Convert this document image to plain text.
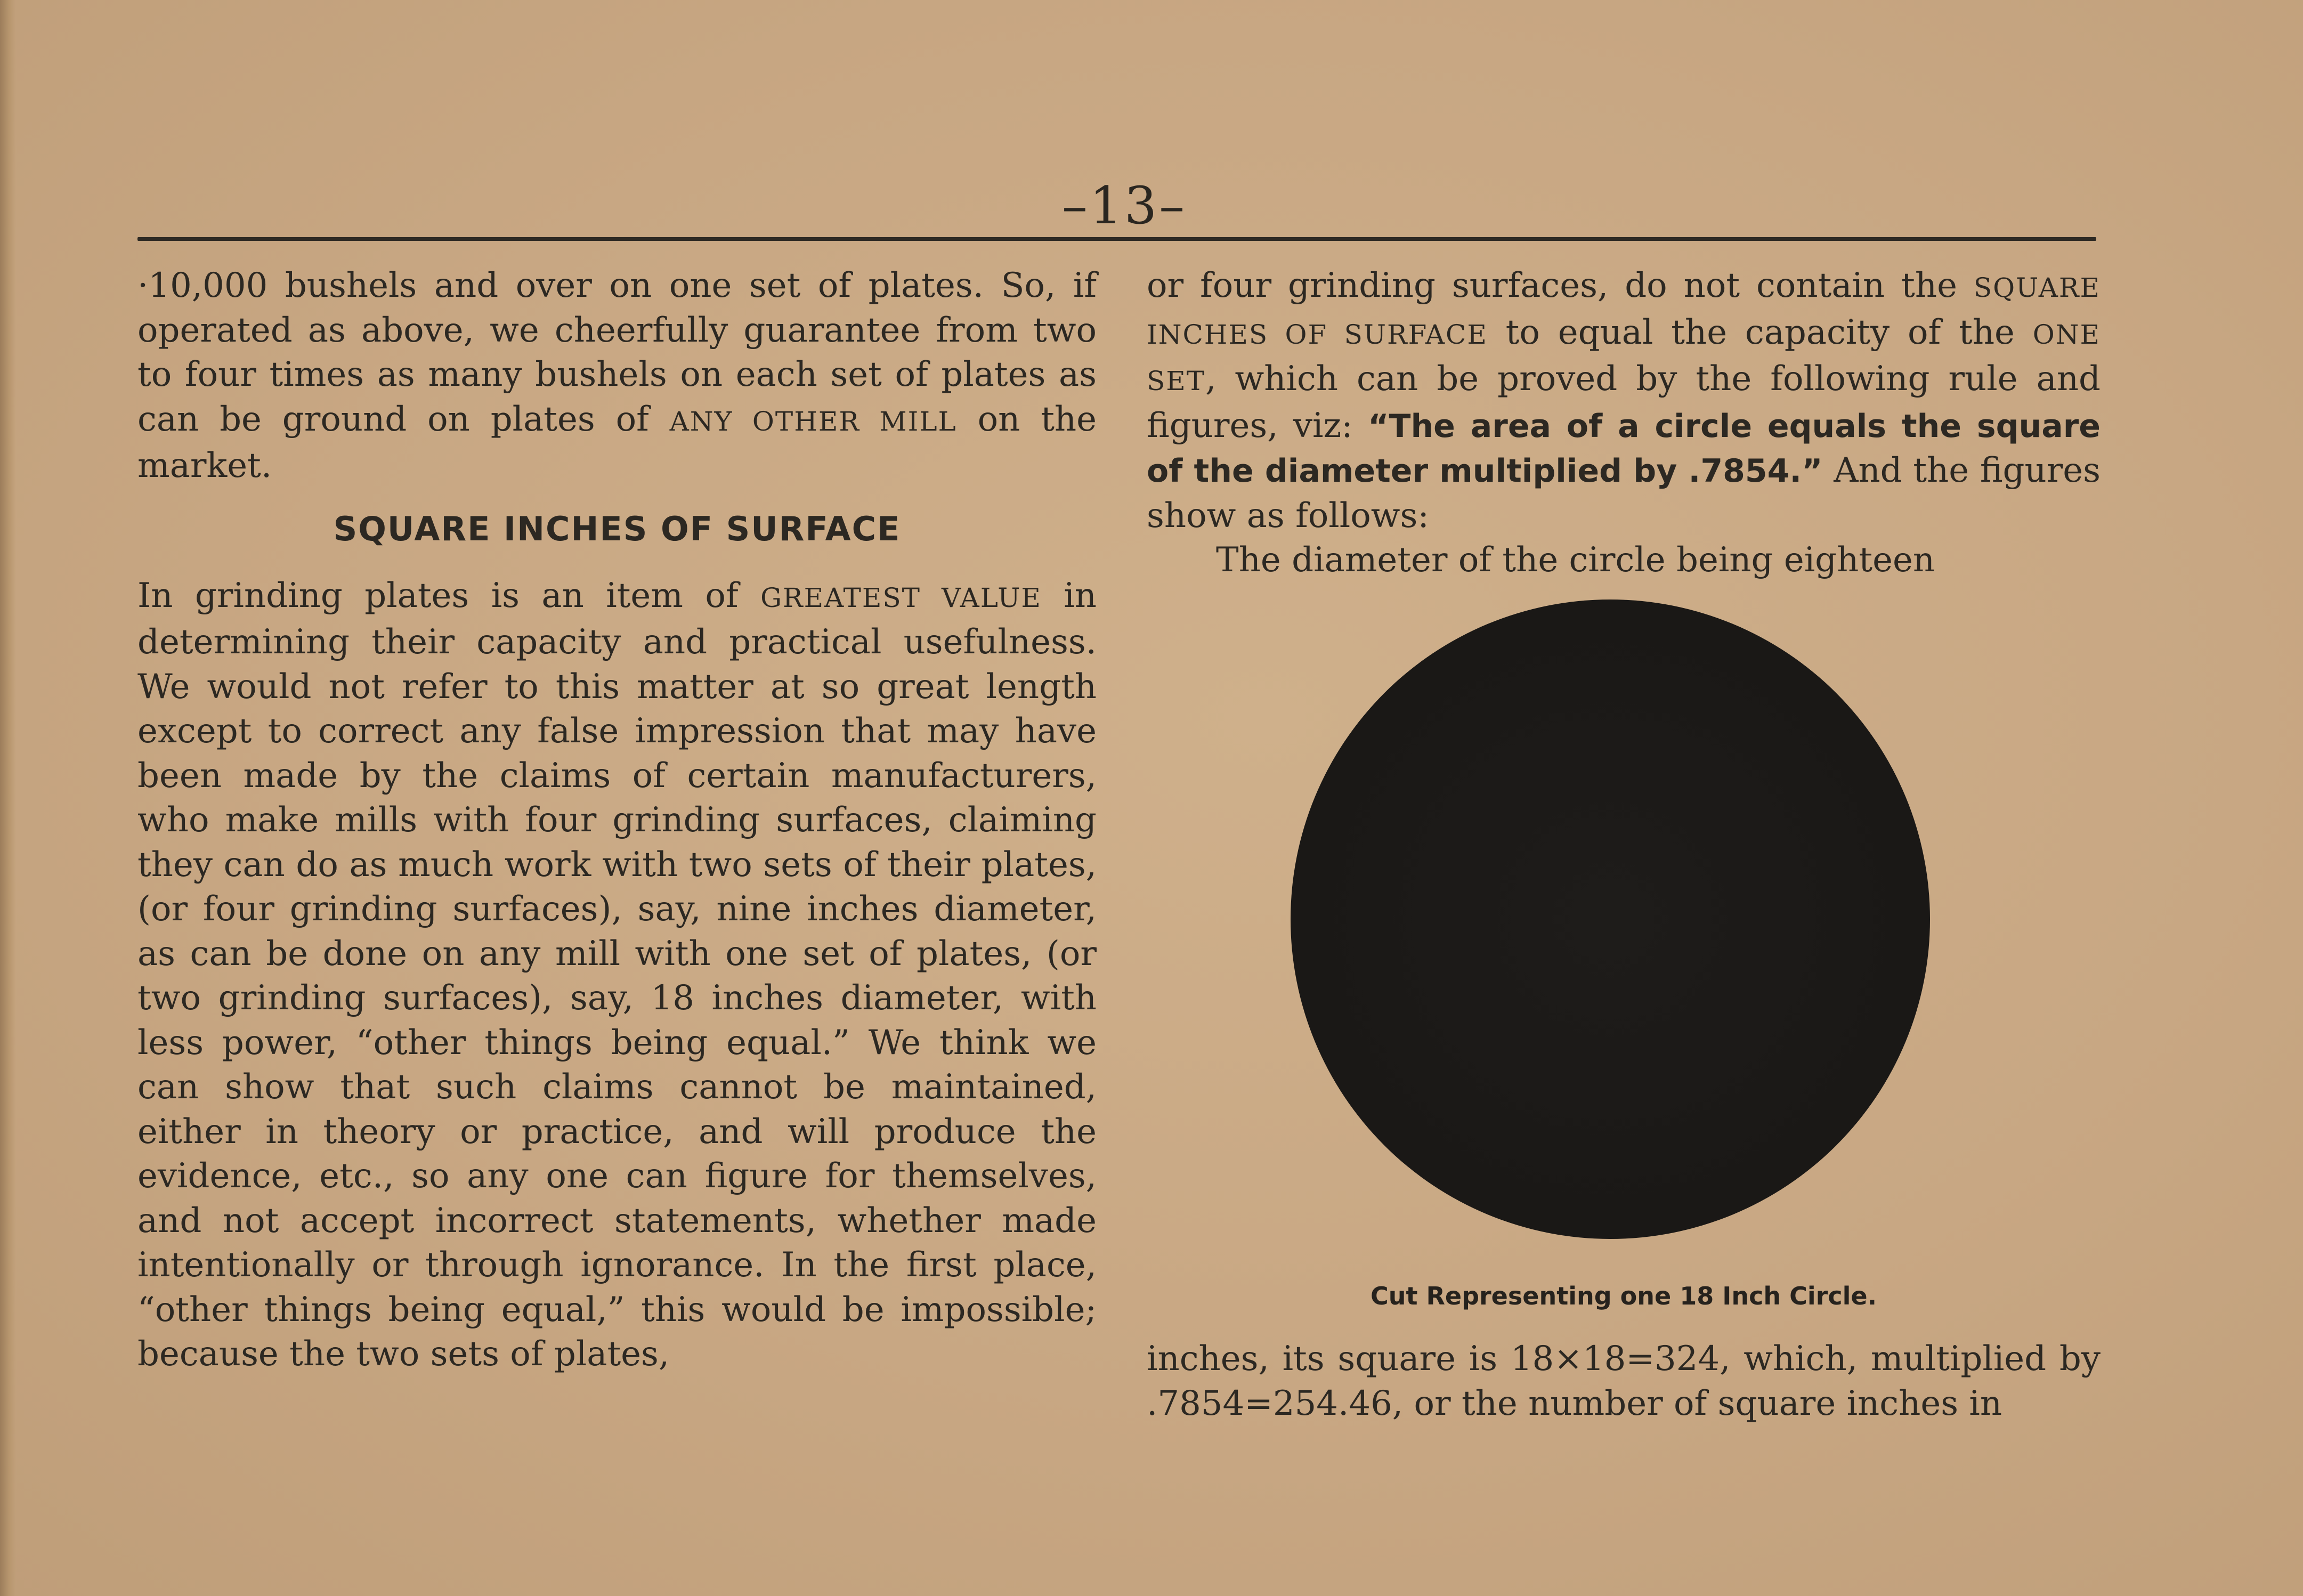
–13–

·10,000 bushels and over on one set of plates. So, if operated as above, we cheerfully guarantee from two to four times as many bushels on each set of plates as can be ground on plates of ANY OTHER MILL on the market.

SQUARE INCHES OF SURFACE

In grinding plates is an item of GREATEST VALUE in determining their capacity and practical usefulness. We would not refer to this matter at so great length except to correct any false impression that may have been made by the claims of certain manufacturers, who make mills with four grinding surfaces, claiming they can do as much work with two sets of their plates, (or four grinding surfaces), say, nine inches diameter, as can be done on any mill with one set of plates, (or two grinding surfaces), say, 18 inches diameter, with less power, “other things being equal.” We think we can show that such claims cannot be maintained, either in theory or practice, and will produce the evidence, etc., so any one can figure for themselves, and not accept incorrect statements, whether made intentionally or through ignorance. In the first place, “other things being equal,” this would be impossible; because the two sets of plates,

or four grinding surfaces, do not contain the SQUARE INCHES OF SURFACE to equal the capacity of the ONE SET, which can be proved by the following rule and figures, viz: “The area of a circle equals the square of the diameter multiplied by .7854.” And the figures show as follows:

The diameter of the circle being eighteen

Cut Representing one 18 Inch Circle.
inches, its square is 18×18=324, which, multiplied by .7854=254.46, or the number of square inches in
